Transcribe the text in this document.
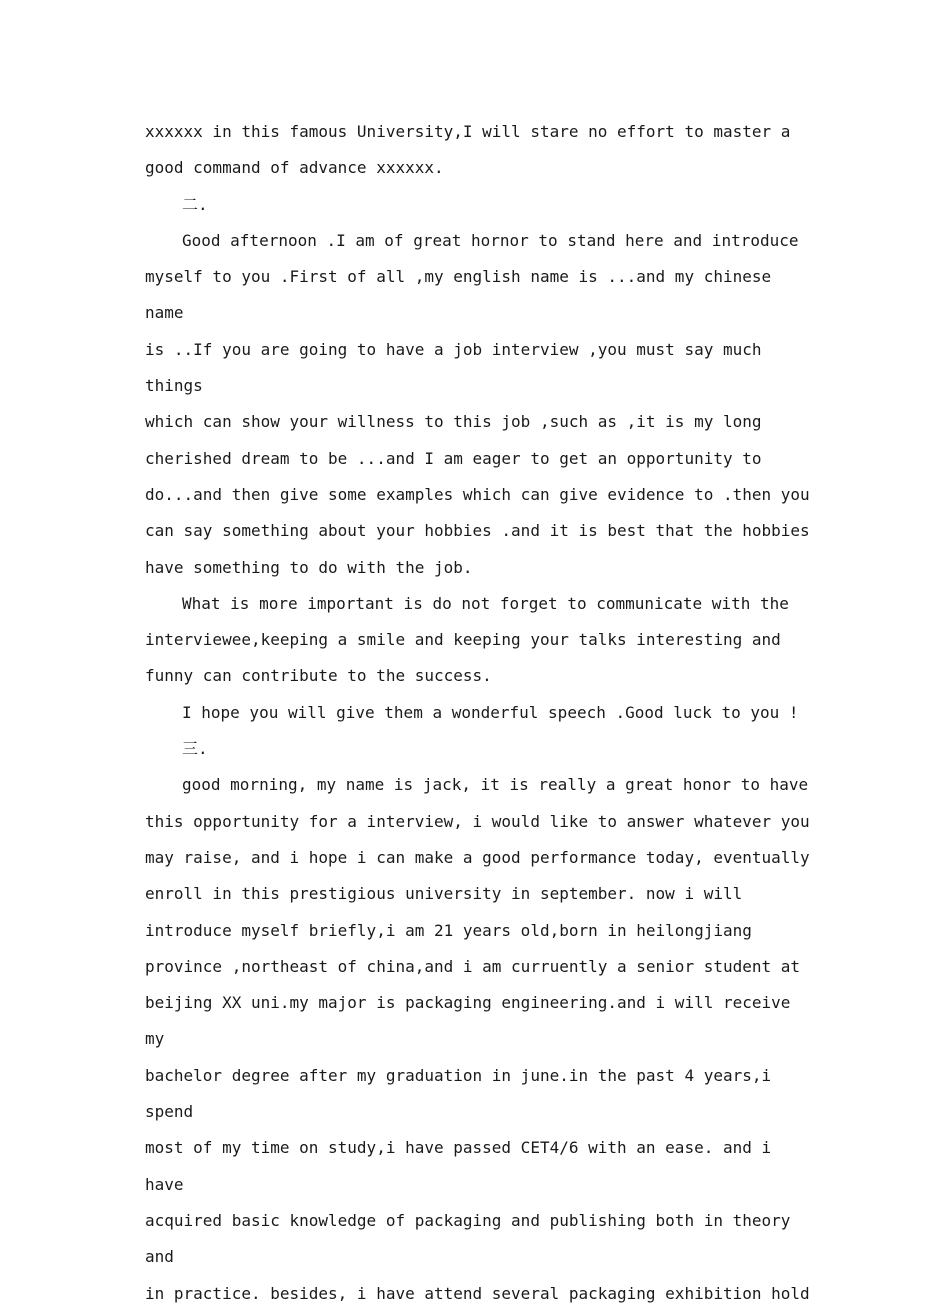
xxxxxx in this famous University,I will stare no effort to master a
good command of advance xxxxxx.

二.

Good afternoon .I am of great hornor to stand here and introduce
myself to you .First of all ,my english name is ...and my chinese name
is ..If you are going to have a job interview ,you must say much things
which can show your willness to this job ,such as ,it is my long
cherished dream to be ...and I am eager to get an opportunity to
do...and then give some examples which can give evidence to .then you
can say something about your hobbies .and it is best that the hobbies
have something to do with the job.

What is more important is do not forget to communicate with the
interviewee,keeping a smile and keeping your talks interesting and
funny can contribute to the success.

I hope you will give them a wonderful speech .Good luck to you !

三.

good morning, my name is jack, it is really a great honor to have
this opportunity for a interview, i would like to answer whatever you
may raise, and i hope i can make a good performance today, eventually
enroll in this prestigious university in september. now i will
introduce myself briefly,i am 21 years old,born in heilongjiang
province ,northeast of china,and i am curruently a senior student at
beijing XX uni.my major is packaging engineering.and i will receive my
bachelor degree after my graduation in june.in the past 4 years,i spend
most of my time on study,i have passed CET4/6 with an ease. and i have
acquired basic knowledge of packaging and publishing both in theory and
in practice. besides, i have attend several packaging exhibition hold
